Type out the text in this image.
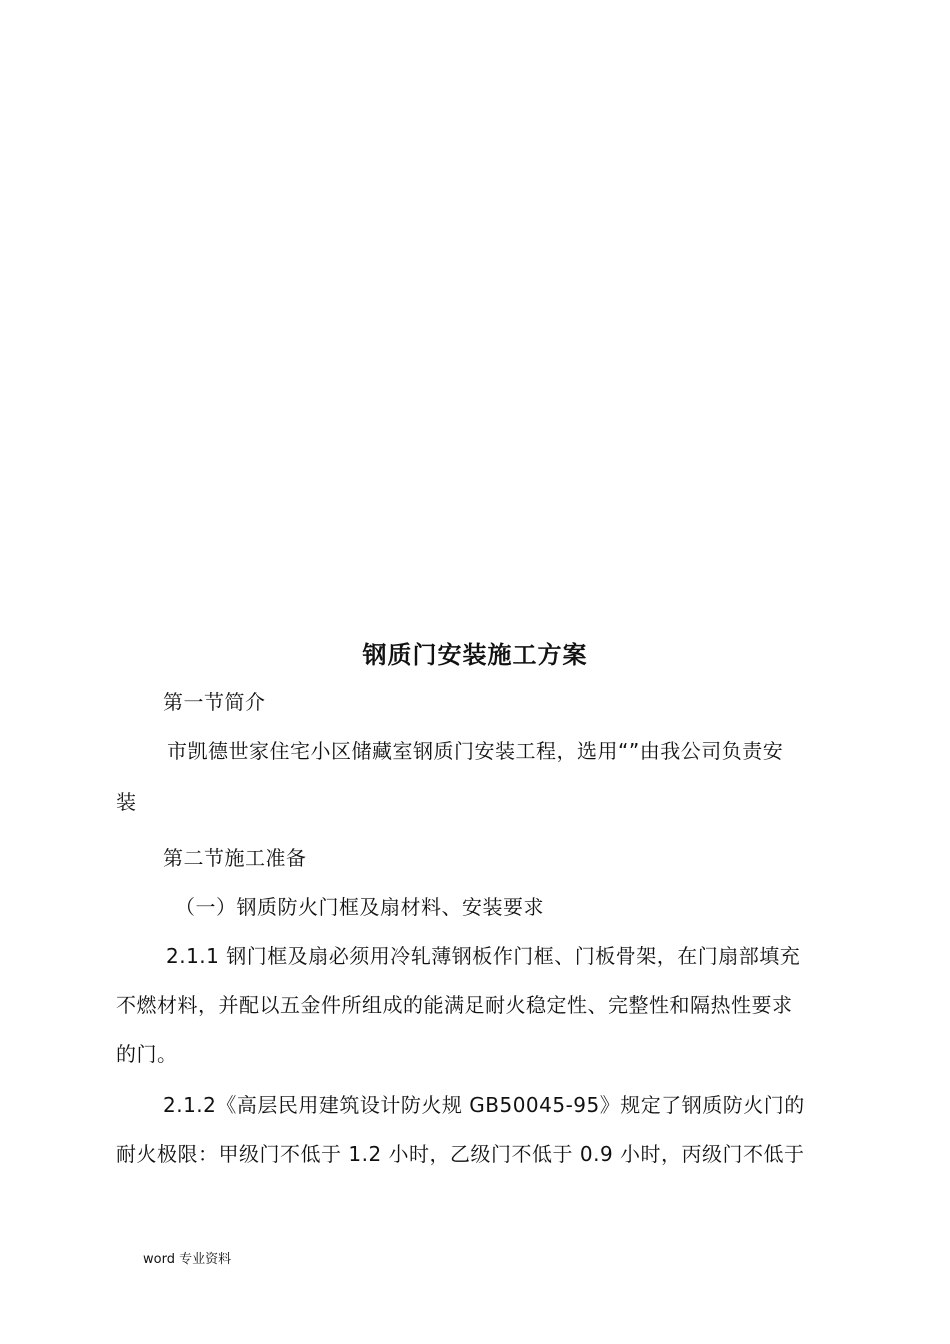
钢质门安装施工方案
第一节简介
市凯德世家住宅小区储藏室钢质门安装工程，选用“”由我公司负责安
装
第二节施工准备
（一）钢质防火门框及扇材料、安装要求
2.1.1 钢门框及扇必须用冷轧薄钢板作门框、门板骨架，在门扇部填充
不燃材料，并配以五金件所组成的能满足耐火稳定性、完整性和隔热性要求
的门。
2.1.2《高层民用建筑设计防火规 GB50045-95》规定了钢质防火门的
耐火极限：甲级门不低于 1.2 小时，乙级门不低于 0.9 小时，丙级门不低于
word 专业资料
